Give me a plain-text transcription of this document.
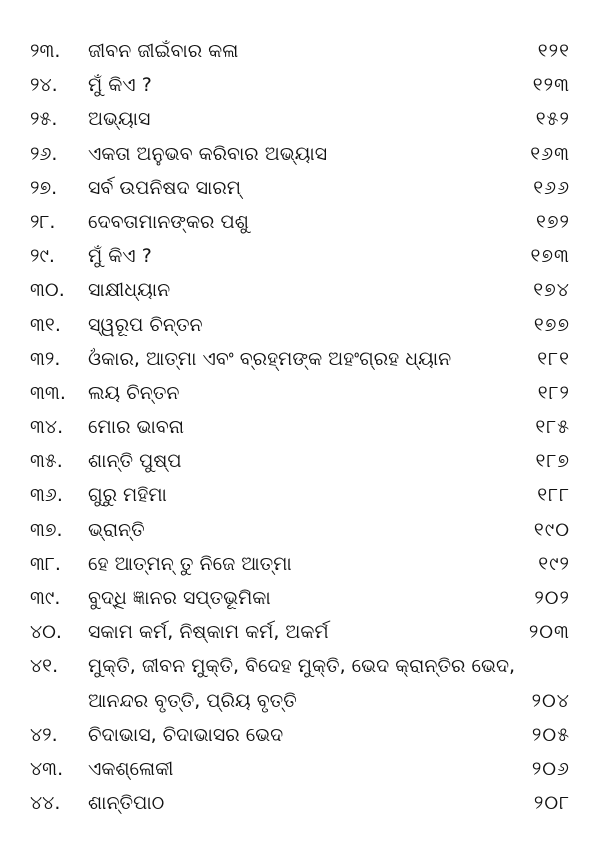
୨୩. ଜୀବନ ଜୀଇଁବାର କଳା	୧୨୧
୨୪. ମୁଁ କିଏ ?	୧୨୩
୨୫. ଅଭ୍ୟାସ	୧୫୨
୨୬. ଏକତା ଅନୁଭବ କରିବାର ଅଭ୍ୟାସ	୧୬୩
୨୭. ସର୍ବ ଉପନିଷଦ ସାରମ୍	୧୬୬
୨୮. ଦେବତାମାନଙ୍କର ପଶୁ	୧୭୨
୨୯. ମୁଁ କିଏ ?	୧୭୩
୩୦. ସାକ୍ଷୀଧ୍ୟାନ	୧୭୪
୩୧. ସ୍ୱରୂପ ଚିନ୍ତନ	୧୭୭
୩୨. ଓଁକାର, ଆତ୍ମା ଏବଂ ବ୍ରହ୍ମଙ୍କ ଅହଂଗ୍ରହ ଧ୍ୟାନ	୧୮୧
୩୩. ଲୟ ଚିନ୍ତନ	୧୮୨
୩୪. ମୋର ଭାବନା	୧୮୫
୩୫. ଶାନ୍ତି ପୁଷ୍ପ	୧୮୭
୩୬. ଗୁରୁ ମହିମା	୧୮୮
୩୭. ଭ୍ରାନ୍ତି	୧୯୦
୩୮. ହେ ଆତ୍ମନ୍ ତୁ ନିଜେ ଆତ୍ମା	୧୯୨
୩୯. ବୁଦ୍ଧି ଜ୍ଞାନର ସପ୍ତଭୂମିକା	୨୦୨
୪୦. ସକାମ କର୍ମ, ନିଷ୍କାମ କର୍ମ, ଅକର୍ମ	୨୦୩
୪୧. ମୁକ୍ତି, ଜୀବନ ମୁକ୍ତି, ବିଦେହ ମୁକ୍ତି, ଭେଦ କ୍ରାନ୍ତିର ଭେଦ,
ଆନନ୍ଦର ବୃତ୍ତି, ପ୍ରିୟ ବୃତ୍ତି	୨୦୪
୪୨. ଚିଦାଭାସ, ଚିଦାଭାସର ଭେଦ	୨୦୫
୪୩. ଏକଶ୍ଳୋକୀ	୨୦୬
୪୪. ଶାନ୍ତିପାଠ	୨୦୮
